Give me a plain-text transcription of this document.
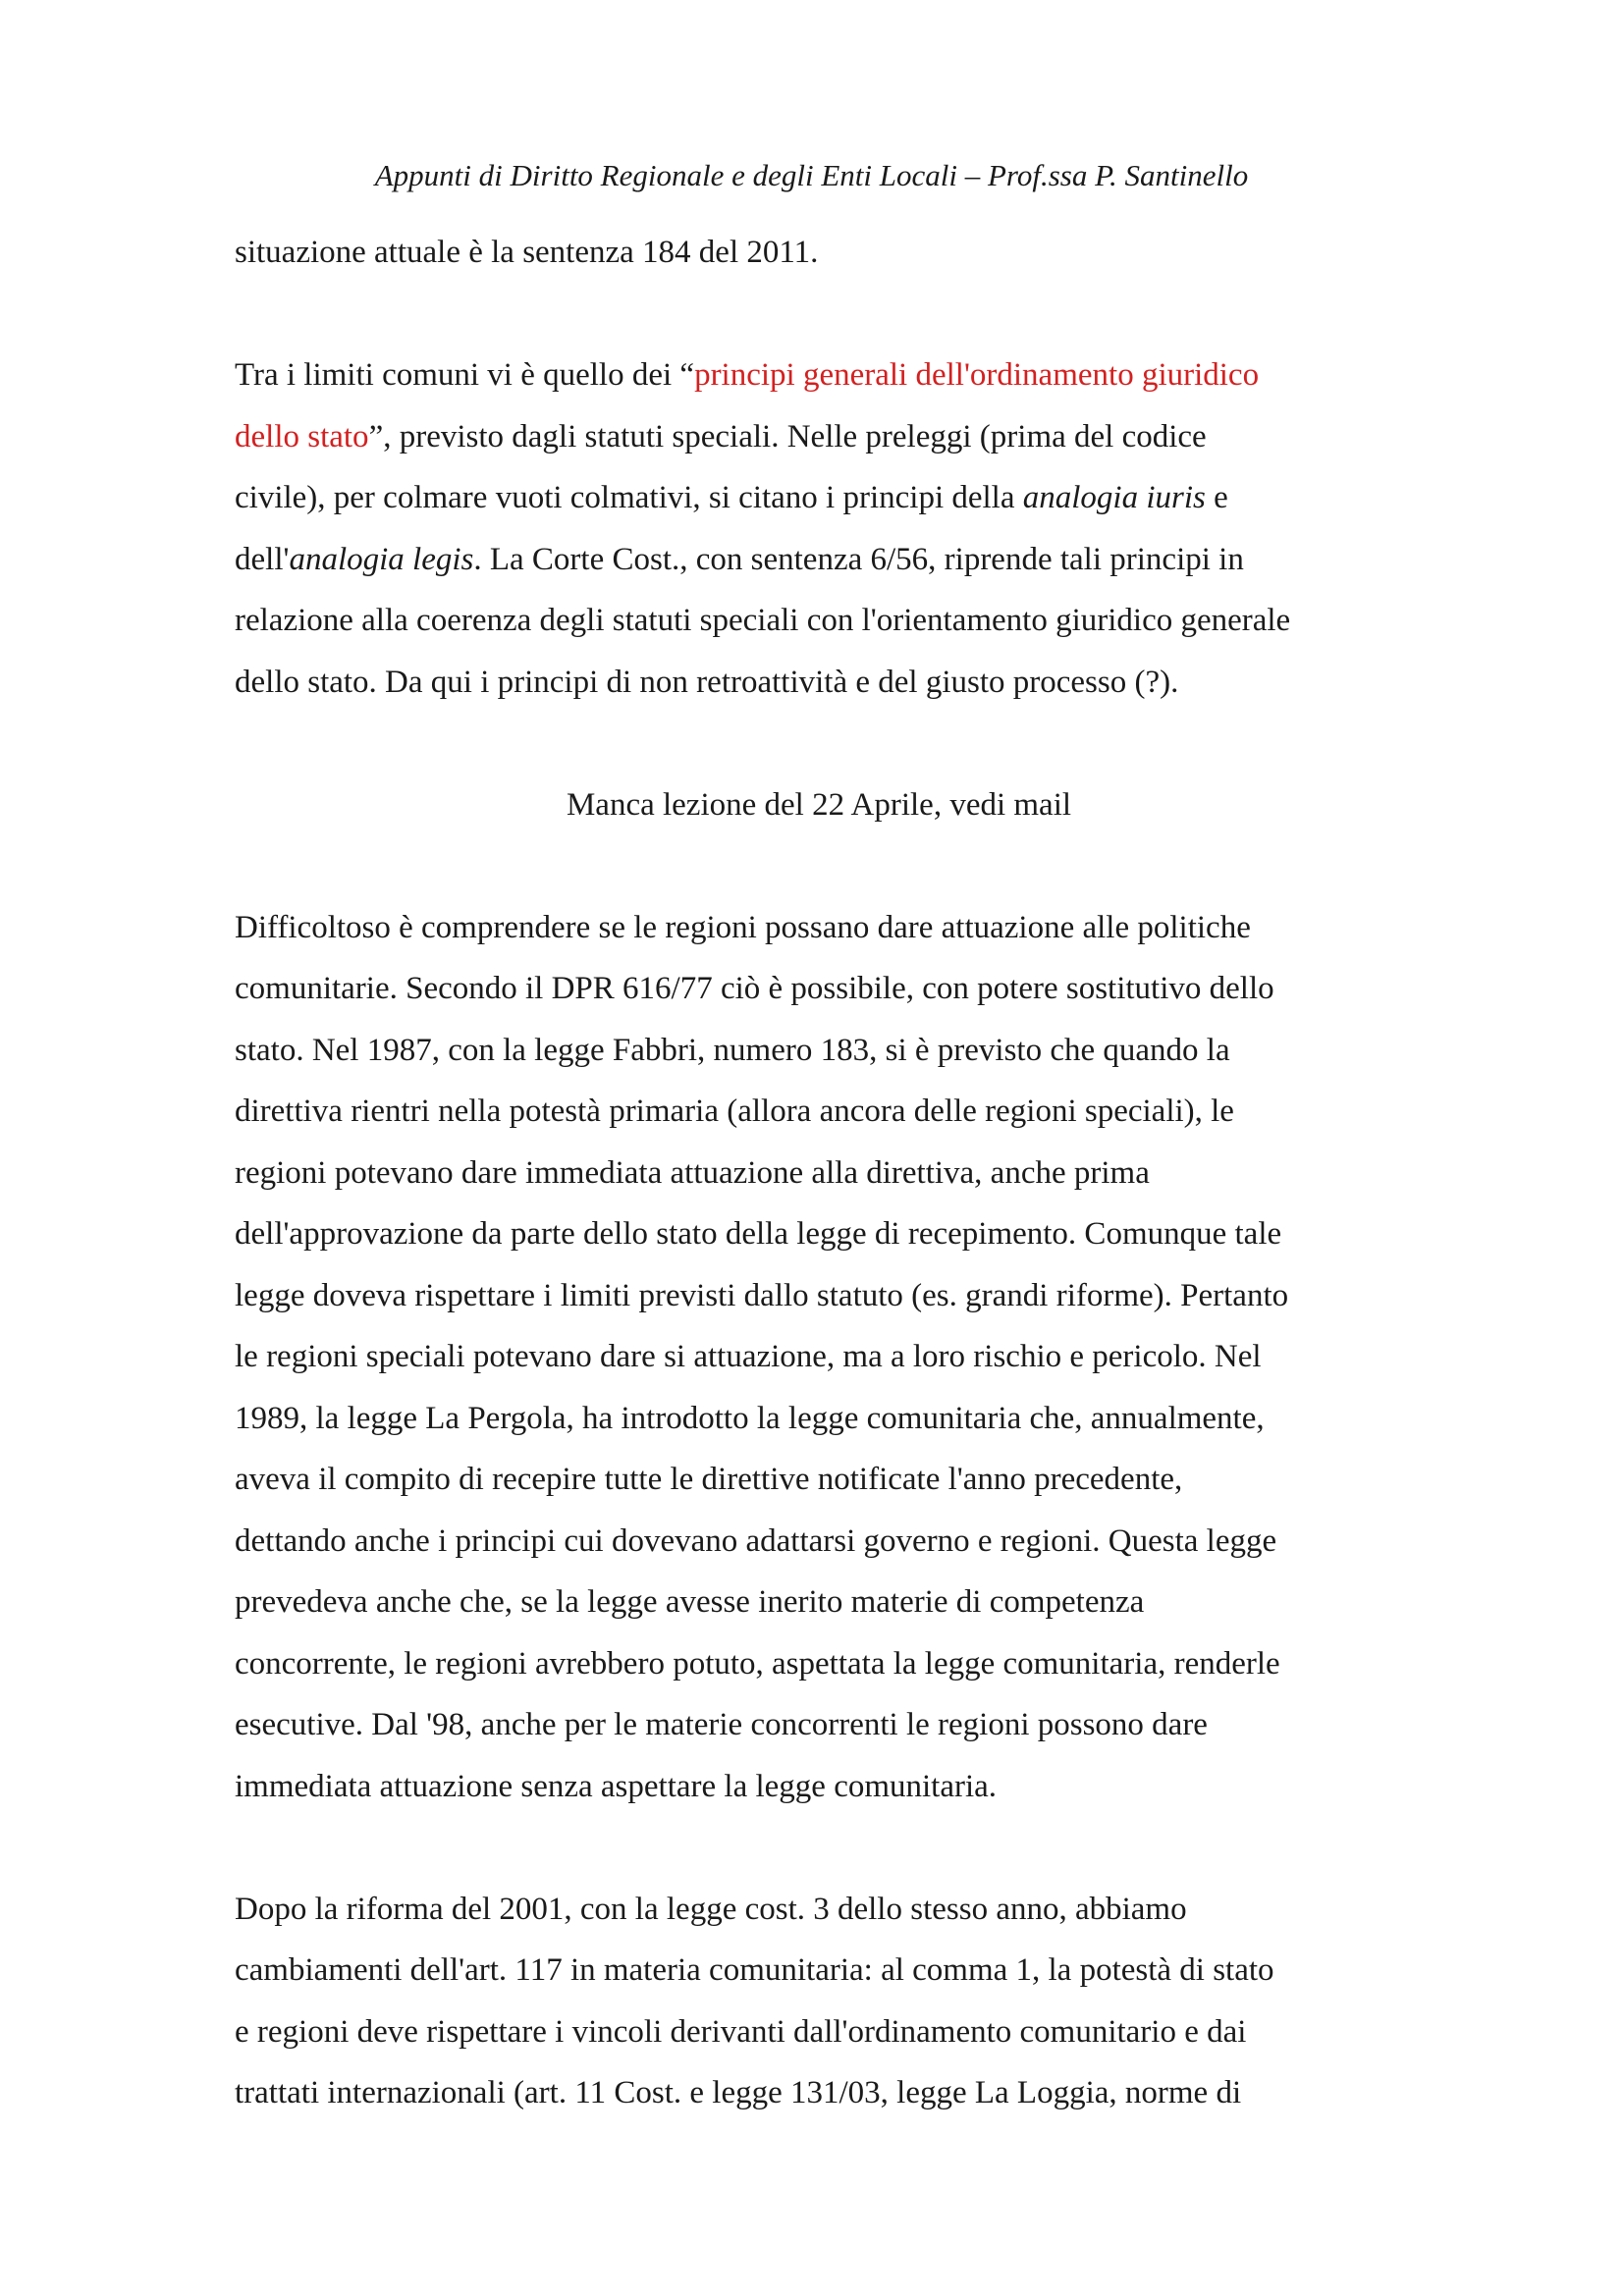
Appunti di Diritto Regionale e degli Enti Locali – Prof.ssa P. Santinello
situazione attuale è la sentenza 184 del 2011.
Tra i limiti comuni vi è quello dei “principi generali dell'ordinamento giuridico
dello stato”, previsto dagli statuti speciali. Nelle preleggi (prima del codice
civile), per colmare vuoti colmativi, si citano i principi della analogia iuris e
dell'analogia legis. La Corte Cost., con sentenza 6/56, riprende tali principi in
relazione alla coerenza degli statuti speciali con l'orientamento giuridico generale
dello stato. Da qui i principi di non retroattività e del giusto processo (?).
Manca lezione del 22 Aprile, vedi mail
Difficoltoso è comprendere se le regioni possano dare attuazione alle politiche
comunitarie. Secondo il DPR 616/77 ciò è possibile, con potere sostitutivo dello
stato. Nel 1987, con la legge Fabbri, numero 183, si è previsto che quando la
direttiva rientri nella potestà primaria (allora ancora delle regioni speciali), le
regioni potevano dare immediata attuazione alla direttiva, anche prima
dell'approvazione da parte dello stato della legge di recepimento. Comunque tale
legge doveva rispettare i limiti previsti dallo statuto (es. grandi riforme). Pertanto
le regioni speciali potevano dare si attuazione, ma a loro rischio e pericolo. Nel
1989, la legge La Pergola, ha introdotto la legge comunitaria che, annualmente,
aveva il compito di recepire tutte le direttive notificate l'anno precedente,
dettando anche i principi cui dovevano adattarsi governo e regioni. Questa legge
prevedeva anche che, se la legge avesse inerito materie di competenza
concorrente, le regioni avrebbero potuto, aspettata la legge comunitaria, renderle
esecutive. Dal '98, anche per le materie concorrenti le regioni possono dare
immediata attuazione senza aspettare la legge comunitaria.
Dopo la riforma del 2001, con la legge cost. 3 dello stesso anno, abbiamo
cambiamenti dell'art. 117 in materia comunitaria: al comma 1, la potestà di stato
e regioni deve rispettare i vincoli derivanti dall'ordinamento comunitario e dai
trattati internazionali (art. 11 Cost. e legge 131/03, legge La Loggia, norme di
